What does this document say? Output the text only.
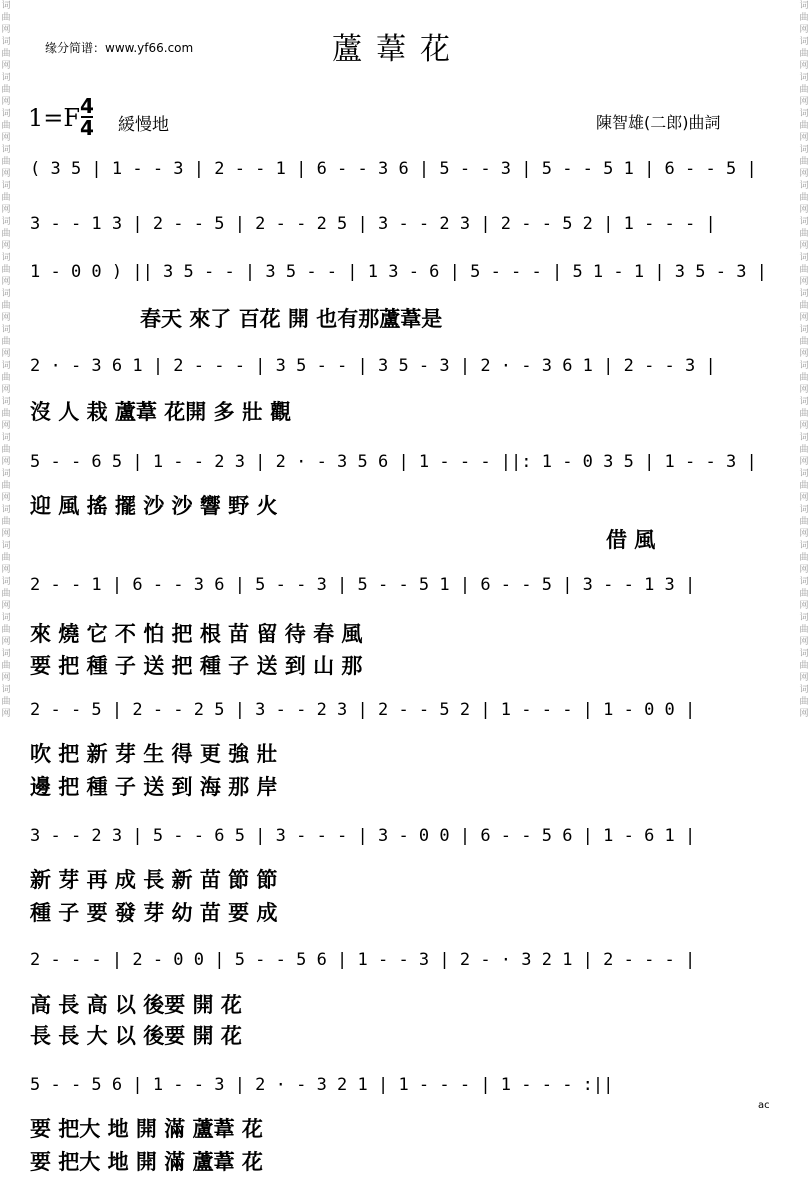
词曲网词曲网词曲网词曲网词曲网词曲网词曲网词曲网词曲网词曲网词曲网词曲网词曲网词曲网词曲网词曲网词曲网词曲网词曲网词曲网
词曲网词曲网词曲网词曲网词曲网词曲网词曲网词曲网词曲网词曲网词曲网词曲网词曲网词曲网词曲网词曲网词曲网词曲网词曲网词曲网
缘分简谱：www.yf66.com	蘆葦花
1=F 4
4 緩慢地	陳智雄(二郎)曲詞
( 3 5 | 1 - - 3 | 2 - - 1 | 6 - - 3 6 | 5 - - 3 | 5 - - 5 1 | 6 - - 5 |
3 - - 1 3 | 2 - - 5 | 2 - - 2 5 | 3 - - 2 3 | 2 - - 5 2 | 1 - - - |
1 - 0 0 ) || 3 5 - - | 3 5 - - | 1 3 - 6 | 5 - - - | 5 1 - 1 | 3 5 - 3 |
春天 來了 百花 開 也有那蘆葦是
2 · - 3 6 1 | 2 - - - | 3 5 - - | 3 5 - 3 | 2 · - 3 6 1 | 2 - - 3 |
沒 人 栽 蘆葦 花開 多 壯 觀
5 - - 6 5 | 1 - - 2 3 | 2 · - 3 5 6 | 1 - - - ||: 1 - 0 3 5 | 1 - - 3 |
迎 風 搖 擺 沙 沙 響 野 火
借 風
2 - - 1 | 6 - - 3 6 | 5 - - 3 | 5 - - 5 1 | 6 - - 5 | 3 - - 1 3 |
來 燒 它 不 怕 把 根 苗 留 待 春 風
要 把 種 子 送 把 種 子 送 到 山 那
2 - - 5 | 2 - - 2 5 | 3 - - 2 3 | 2 - - 5 2 | 1 - - - | 1 - 0 0 |
吹 把 新 芽 生 得 更 強 壯
邊 把 種 子 送 到 海 那 岸
3 - - 2 3 | 5 - - 6 5 | 3 - - - | 3 - 0 0 | 6 - - 5 6 | 1 - 6 1 |
新 芽 再 成 長 新 苗 節 節
種 子 要 發 芽 幼 苗 要 成
2 - - - | 2 - 0 0 | 5 - - 5 6 | 1 - - 3 | 2 - · 3 2 1 | 2 - - - |
高 長 高 以 後要 開 花
長 長 大 以 後要 開 花
5 - - 5 6 | 1 - - 3 | 2 · - 3 2 1 | 1 - - - | 1 - - - :||
ac
要 把大 地 開 滿 蘆葦 花
要 把大 地 開 滿 蘆葦 花
